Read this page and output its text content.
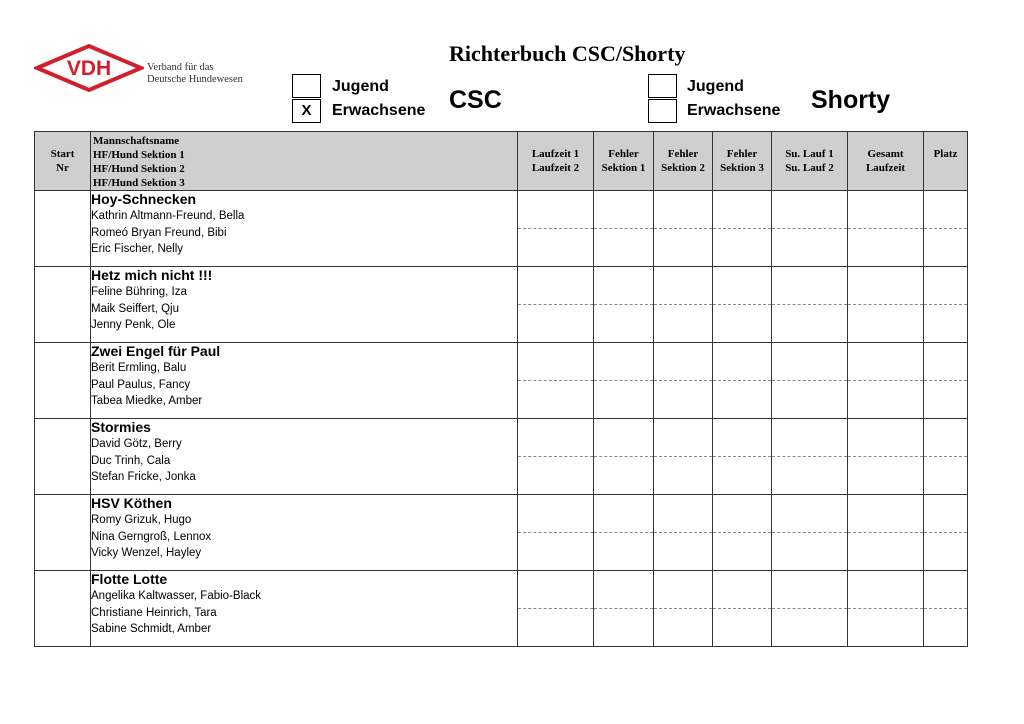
VDH	Verband für das
Deutsche Hundewesen
Richterbuch CSC/Shorty
Jugend
X	Erwachsene CSC	Jugend
Erwachsene Shorty
Start
Nr	Mannschaftsname
HF/Hund Sektion 1
HF/Hund Sektion 2
HF/Hund Sektion 3	Laufzeit 1
Laufzeit 2	Fehler
Sektion 1	Fehler
Sektion 2	Fehler
Sektion 3	Su. Lauf 1
Su. Lauf 2	Gesamt
Laufzeit	Platz

	Hoy-Schnecken
Kathrin Altmann-Freund, Bella
Romeó Bryan Freund, Bibi
Eric Fischer, Nelly							

	Hetz mich nicht !!!
Feline Bühring, Iza
Maik Seiffert, Qju
Jenny Penk, Ole							

	Zwei Engel für Paul
Berit Ermling, Balu
Paul Paulus, Fancy
Tabea Miedke, Amber							

	Stormies
David Götz, Berry
Duc Trinh, Cala
Stefan Fricke, Jonka							

	HSV Köthen
Romy Grizuk, Hugo
Nina Gerngroß, Lennox
Vicky Wenzel, Hayley							

	Flotte Lotte
Angelika Kaltwasser, Fabio-Black
Christiane Heinrich, Tara
Sabine Schmidt, Amber							
